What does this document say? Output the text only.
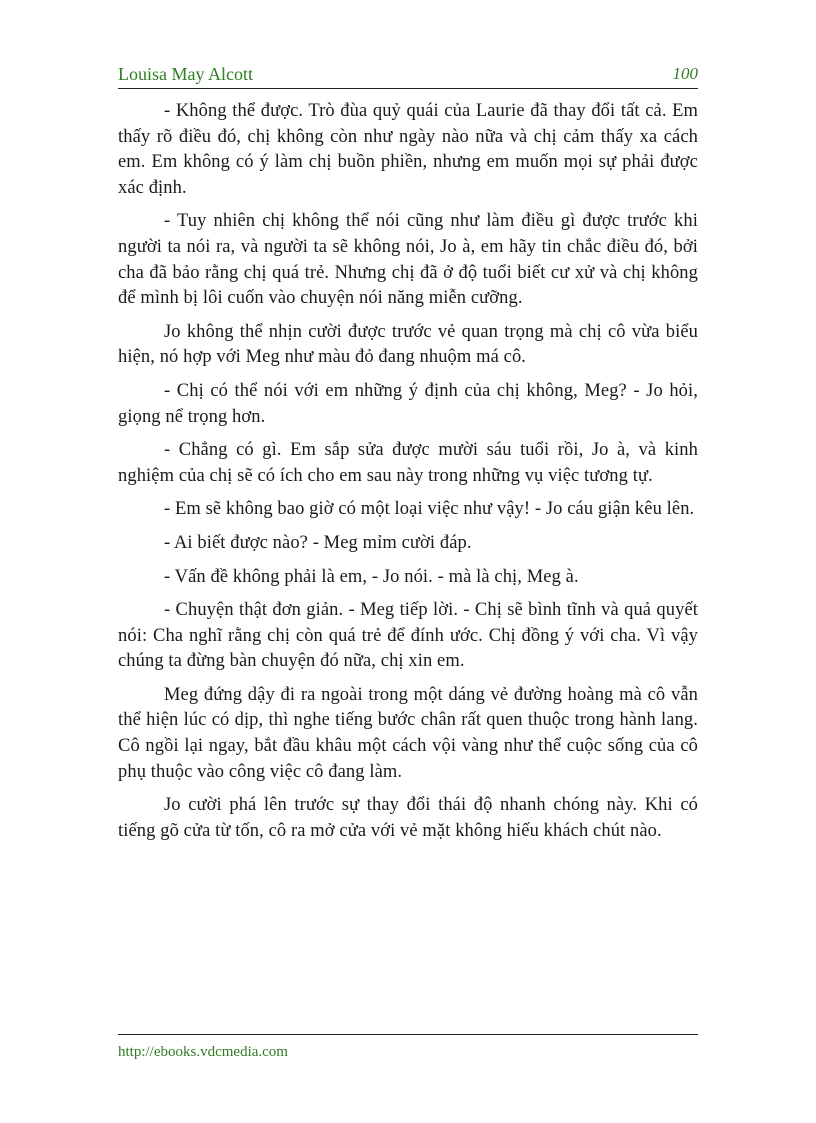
Louisa May Alcott	100

- Không thể được. Trò đùa quỷ quái của Laurie đã thay đổi tất cả. Em thấy rõ điều đó, chị không còn như ngày nào nữa và chị cảm thấy xa cách em. Em không có ý làm chị buồn phiền, nhưng em muốn mọi sự phải được xác định.

- Tuy nhiên chị không thể nói cũng như làm điều gì được trước khi người ta nói ra, và người ta sẽ không nói, Jo à, em hãy tin chắc điều đó, bởi cha đã bảo rằng chị quá trẻ. Nhưng chị đã ở độ tuổi biết cư xử và chị không để mình bị lôi cuốn vào chuyện nói năng miễn cưỡng.

Jo không thể nhịn cười được trước vẻ quan trọng mà chị cô vừa biểu hiện, nó hợp với Meg như màu đỏ đang nhuộm má cô.

- Chị có thể nói với em những ý định của chị không, Meg? - Jo hỏi, giọng nể trọng hơn.

- Chẳng có gì. Em sắp sửa được mười sáu tuổi rồi, Jo à, và kinh nghiệm của chị sẽ có ích cho em sau này trong những vụ việc tương tự.

- Em sẽ không bao giờ có một loại việc như vậy! - Jo cáu giận kêu lên.

- Ai biết được nào? - Meg mỉm cười đáp.

- Vấn đề không phải là em, - Jo nói. - mà là chị, Meg à.

- Chuyện thật đơn giản. - Meg tiếp lời. - Chị sẽ bình tĩnh và quả quyết nói: Cha nghĩ rằng chị còn quá trẻ để đính ước. Chị đồng ý với cha. Vì vậy chúng ta đừng bàn chuyện đó nữa, chị xin em.

Meg đứng dậy đi ra ngoài trong một dáng vẻ đường hoàng mà cô vẫn thể hiện lúc có dịp, thì nghe tiếng bước chân rất quen thuộc trong hành lang. Cô ngồi lại ngay, bắt đầu khâu một cách vội vàng như thể cuộc sống của cô phụ thuộc vào công việc cô đang làm.

Jo cười phá lên trước sự thay đổi thái độ nhanh chóng này. Khi có tiếng gõ cửa từ tốn, cô ra mở cửa với vẻ mặt không hiếu khách chút nào.

http://ebooks.vdcmedia.com
